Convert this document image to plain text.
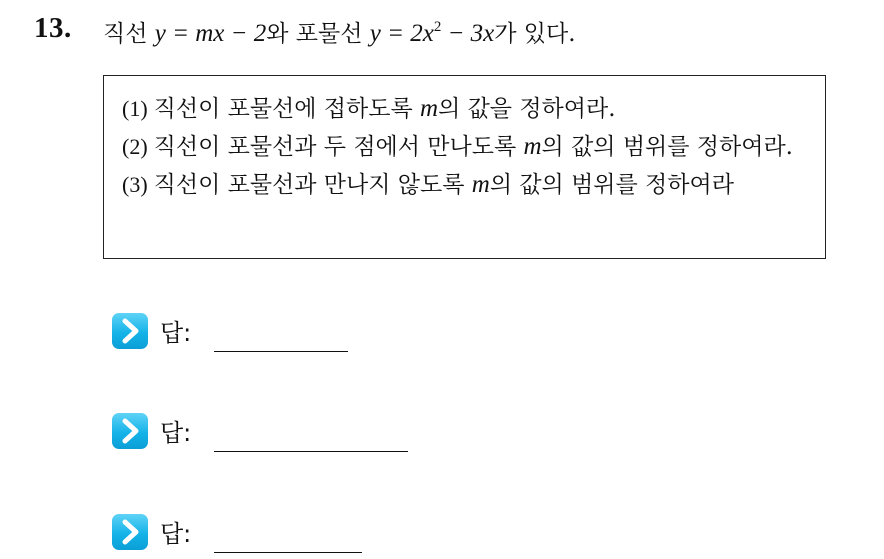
13. 직선 y = mx − 2와 포물선 $y = 2x^2 - 3x$가 있다.
(1) 직선이 포물선에 접하도록 m의 값을 정하여라.
(2) 직선이 포물선과 두 점에서 만나도록 m의 값의 범위를 정하여라.
(3) 직선이 포물선과 만나지 않도록 m의 값의 범위를 정하여라
답:
답:
답:
